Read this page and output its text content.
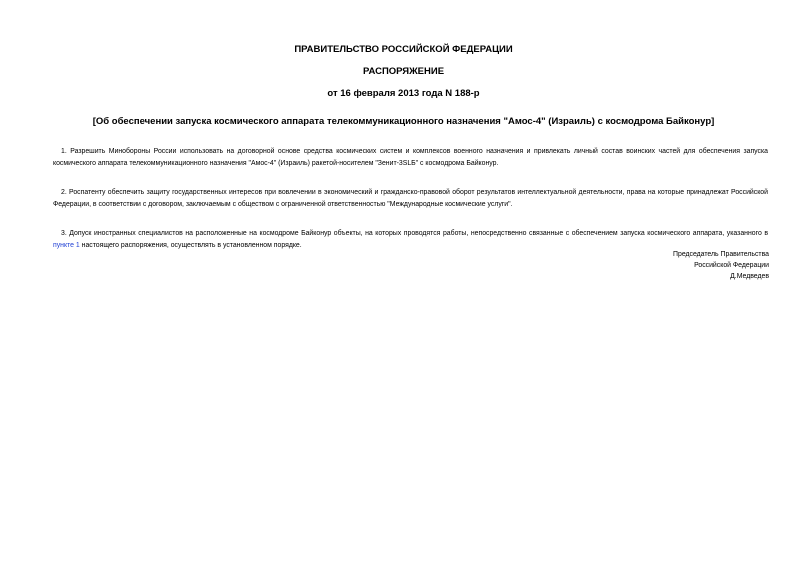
ПРАВИТЕЛЬСТВО РОССИЙСКОЙ ФЕДЕРАЦИИ
РАСПОРЯЖЕНИЕ
от 16 февраля 2013 года N 188-р
[Об обеспечении запуска космического аппарата телекоммуникационного назначения "Амос-4" (Израиль) с космодрома Байконур]

1. Разрешить Минобороны России использовать на договорной основе средства космических систем и комплексов военного назначения и привлекать личный состав воинских частей для обеспечения запуска космического аппарата телекоммуникационного назначения "Амос-4" (Израиль) ракетой-носителем "Зенит-3SLБ" с космодрома Байконур.

2. Роспатенту обеспечить защиту государственных интересов при вовлечении в экономический и гражданско-правовой оборот результатов интеллектуальной деятельности, права на которые принадлежат Российской Федерации, в соответствии с договором, заключаемым с обществом с ограниченной ответственностью "Международные космические услуги".

3. Допуск иностранных специалистов на расположенные на космодроме Байконур объекты, на которых проводятся работы, непосредственно связанные с обеспечением запуска космического аппарата, указанного в пункте 1 настоящего распоряжения, осуществлять в установленном порядке.

Председатель Правительства
Российской Федерации
Д.Медведев
